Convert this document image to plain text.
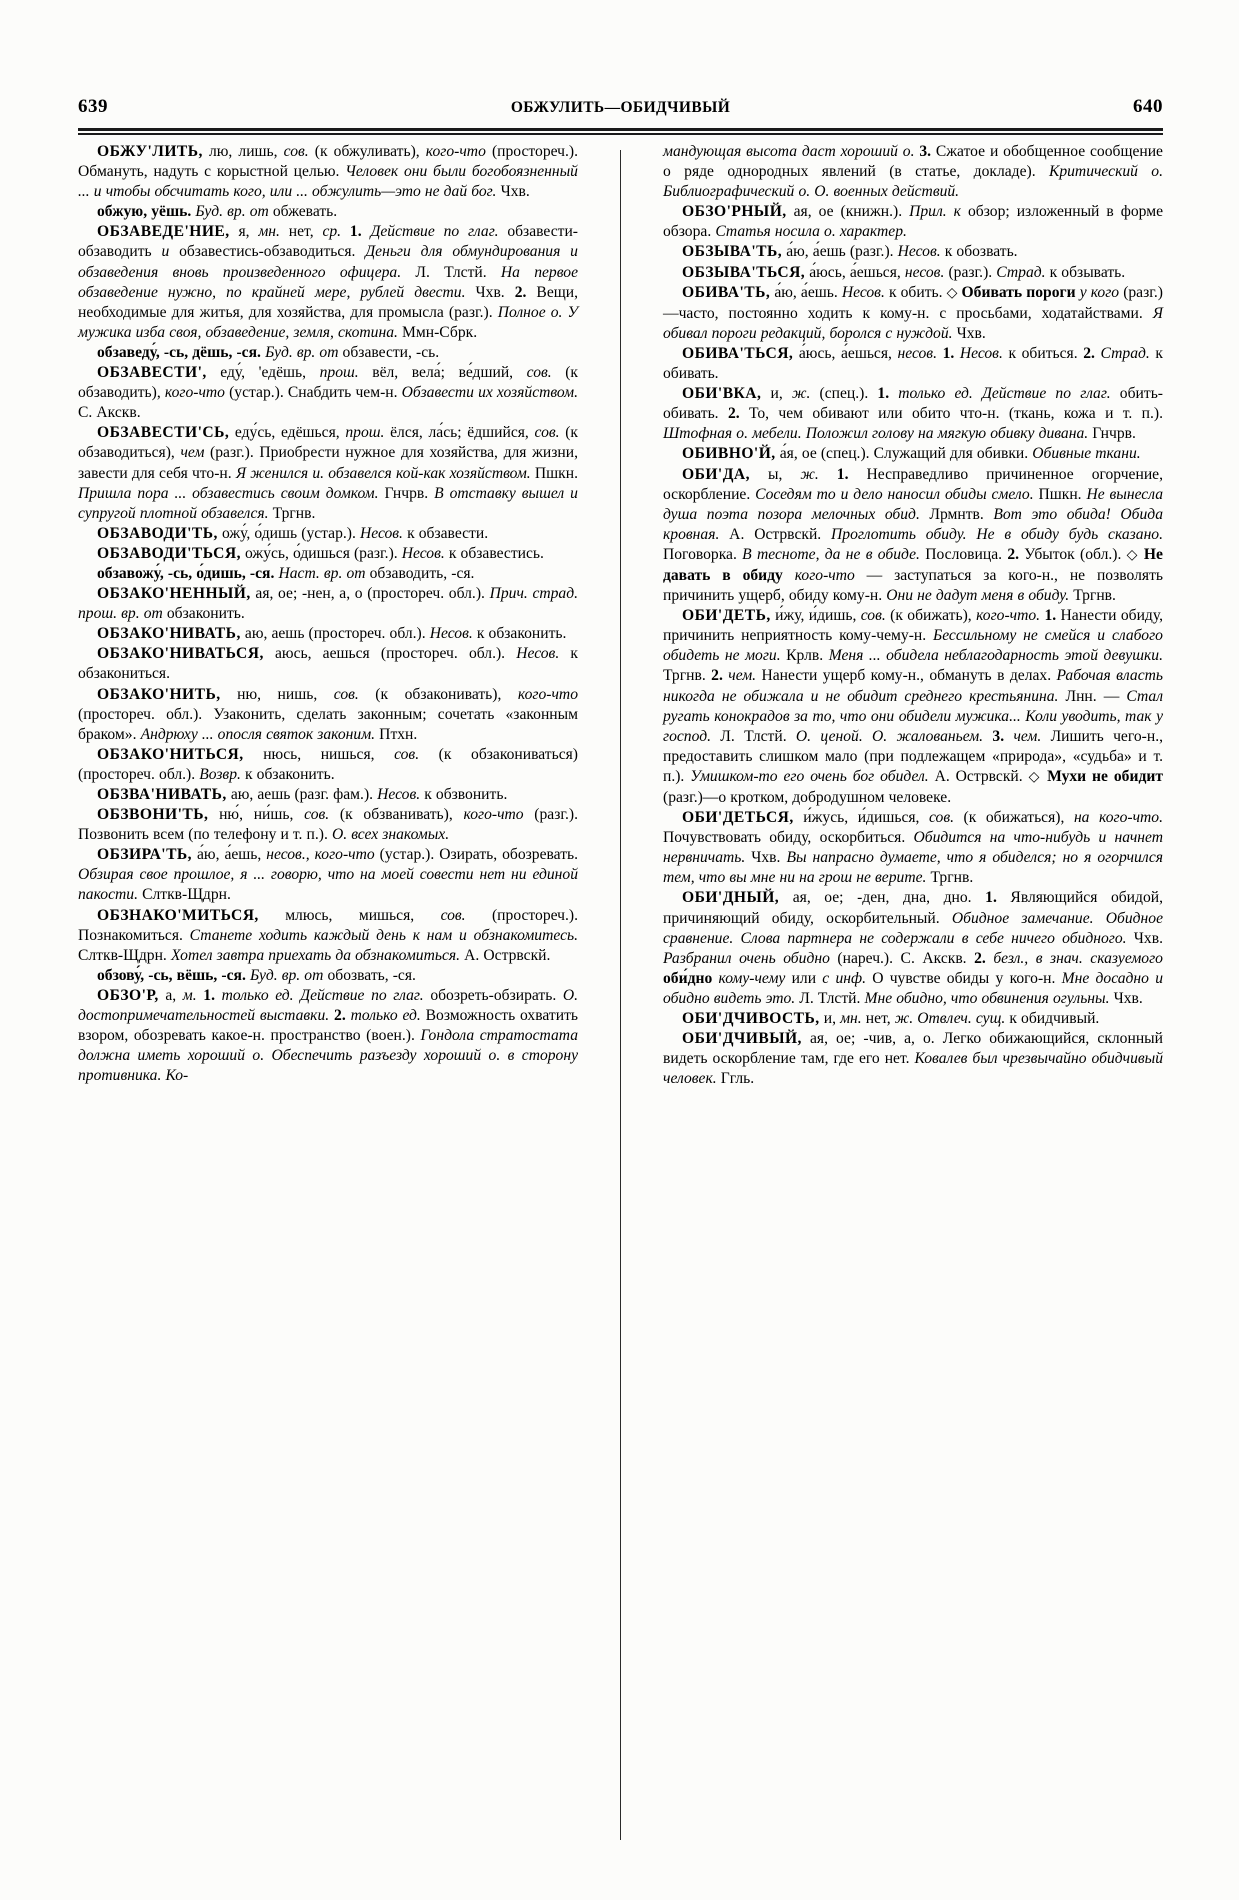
639	ОБЖУЛИТЬ—ОБИДЧИВЫЙ	640

ОБЖУ'ЛИТЬ, лю, лишь, сов. (к обжуливать), кого-что (простореч.). Обмануть, надуть с корыстной целью. Человек они были богобоязненный ... и чтобы обсчитать кого, или ... обжулить—это не дай бог. Чхв.

обжую, уёшь. Буд. вр. от обжевать.

ОБЗАВЕДЕ'НИЕ, я, мн. нет, ср. 1. Действие по глаг. обзавести-обзаводить и обзавестись-обзаводиться. Деньги для обмундирования и обзаведения вновь произведенного офицера. Л. Тлстй. На первое обзаведение нужно, по крайней мере, рублей двести. Чхв. 2. Вещи, необходимые для житья, для хозяйства, для промысла (разг.). Полное о. У мужика изба своя, обзаведение, земля, скотина. Ммн-Сбрк.

обзаведу́, -сь, дёшь, -ся. Буд. вр. от обзавести, -сь.

ОБЗАВЕСТИ', еду́, 'едёшь, прош. вёл, вела́; ве́дший, сов. (к обзаводить), кого-что (устар.). Снабдить чем-н. Обзавести их хозяйством. С. Акскв.

ОБЗАВЕСТИ'СЬ, еду́сь, едёшься, прош. ёлся, ла́сь; ёдшийся, сов. (к обзаводиться), чем (разг.). Приобрести нужное для хозяйства, для жизни, завести для себя что-н. Я женился и. обзавелся кой-как хозяйством. Пшкн. Пришла пора ... обзавестись своим домком. Гнчрв. В отставку вышел и супругой плотной обзавелся. Тргнв.

ОБЗАВОДИ'ТЬ, ожу́, о́дишь (устар.). Несов. к обзавести.

ОБЗАВОДИ'ТЬСЯ, ожу́сь, о́дишься (разг.). Несов. к обзавестись.

обзавожу́, -сь, о́дишь, -ся. Наст. вр. от обзаводить, -ся.

ОБЗАКО'НЕННЫЙ, ая, ое; -нен, а, о (простореч. обл.). Прич. страд. прош. вр. от обзаконить.

ОБЗАКО'НИВАТЬ, аю, аешь (простореч. обл.). Несов. к обзаконить.

ОБЗАКО'НИВАТЬСЯ, аюсь, аешься (простореч. обл.). Несов. к обзакониться.

ОБЗАКО'НИТЬ, ню, нишь, сов. (к обзаконивать), кого-что (простореч. обл.). Узаконить, сделать законным; сочетать «законным браком». Андрюху ... опосля святок законим. Птхн.

ОБЗАКО'НИТЬСЯ, нюсь, нишься, сов. (к обзакониваться) (простореч. обл.). Возвр. к обзаконить.

ОБЗВА'НИВАТЬ, аю, аешь (разг. фам.). Несов. к обзвонить.

ОБЗВОНИ'ТЬ, ню́, ни́шь, сов. (к обзванивать), кого-что (разг.). Позвонить всем (по телефону и т. п.). О. всех знакомых.

ОБЗИРА'ТЬ, а́ю, а́ешь, несов., кого-что (устар.). Озирать, обозревать. Обзирая свое прошлое, я ... говорю, что на моей совести нет ни единой пакости. Слткв-Щдрн.

ОБЗНАКО'МИТЬСЯ, млюсь, мишься, сов. (простореч.). Познакомиться. Станете ходить каждый день к нам и обзнакомитесь. Слткв-Щдрн. Хотел завтра приехать да обзнакомиться. А. Острвскй.

обзову́, -сь, вёшь, -ся. Буд. вр. от обозвать, -ся.

ОБЗО'Р, а, м. 1. только ед. Действие по глаг. обозреть-обзирать. О. достопримечательностей выставки. 2. только ед. Возможность охватить взором, обозревать какое-н. пространство (воен.). Гондола стратостата должна иметь хороший о. Обеспечить разъезду хороший о. в сторону противника. Ко-

мандующая высота даст хороший о. 3. Сжатое и обобщенное сообщение о ряде однородных явлений (в статье, докладе). Критический о. Библиографический о. О. военных действий.

ОБЗО'РНЫЙ, ая, ое (книжн.). Прил. к обзор; изложенный в форме обзора. Статья носила о. характер.

ОБЗЫВА'ТЬ, а́ю, а́ешь (разг.). Несов. к обозвать.

ОБЗЫВА'ТЬСЯ, а́юсь, а́ешься, несов. (разг.). Страд. к обзывать.

ОБИВА'ТЬ, а́ю, а́ешь. Несов. к обить. ◇ Обивать пороги у кого (разг.)—часто, постоянно ходить к кому-н. с просьбами, ходатайствами. Я обивал пороги редакций, боролся с нуждой. Чхв.

ОБИВА'ТЬСЯ, а́юсь, а́ешься, несов. 1. Несов. к обиться. 2. Страд. к обивать.

ОБИ'ВКА, и, ж. (спец.). 1. только ед. Действие по глаг. обить-обивать. 2. То, чем обивают или обито что-н. (ткань, кожа и т. п.). Штофная о. мебели. Положил голову на мягкую обивку дивана. Гнчрв.

ОБИВНО'Й, а́я, ое (спец.). Служащий для обивки. Обивные ткани.

ОБИ'ДА, ы, ж. 1. Несправедливо причиненное огорчение, оскорбление. Соседям то и дело наносил обиды смело. Пшкн. Не вынесла душа поэта позора мелочных обид. Лрмнтв. Вот это обида! Обида кровная. А. Острвскй. Проглотить обиду. Не в обиду будь сказано. Поговорка. В тесноте, да не в обиде. Пословица. 2. Убыток (обл.). ◇ Не давать в обиду кого-что — заступаться за кого-н., не позволять причинить ущерб, обиду кому-н. Они не дадут меня в обиду. Тргнв.

ОБИ'ДЕТЬ, и́жу, и́дишь, сов. (к обижать), кого-что. 1. Нанести обиду, причинить неприятность кому-чему-н. Бессильному не смейся и слабого обидеть не моги. Крлв. Меня ... обидела неблагодарность этой девушки. Тргнв. 2. чем. Нанести ущерб кому-н., обмануть в делах. Рабочая власть никогда не обижала и не обидит среднего крестьянина. Лнн. — Стал ругать конокрадов за то, что они обидели мужика... Коли уводить, так у господ. Л. Тлстй. О. ценой. О. жалованьем. 3. чем. Лишить чего-н., предоставить слишком мало (при подлежащем «природа», «судьба» и т. п.). Умишком-то его очень бог обидел. А. Острвскй. ◇ Мухи не обидит (разг.)—о кротком, добродушном человеке.

ОБИ'ДЕТЬСЯ, и́жусь, и́дишься, сов. (к обижаться), на кого-что. Почувствовать обиду, оскорбиться. Обидится на что-нибудь и начнет нервничать. Чхв. Вы напрасно думаете, что я обиделся; но я огорчился тем, что вы мне ни на грош не верите. Тргнв.

ОБИ'ДНЫЙ, ая, ое; -ден, дна, дно. 1. Являющийся обидой, причиняющий обиду, оскорбительный. Обидное замечание. Обидное сравнение. Слова партнера не содержали в себе ничего обидного. Чхв. Разбранил очень обидно (нареч.). С. Акскв. 2. безл., в знач. сказуемого оби́дно кому-чему или с инф. О чувстве обиды у кого-н. Мне досадно и обидно видеть это. Л. Тлстй. Мне обидно, что обвинения огульны. Чхв.

ОБИ'ДЧИВОСТЬ, и, мн. нет, ж. Отвлеч. сущ. к обидчивый.

ОБИ'ДЧИВЫЙ, ая, ое; -чив, а, о. Легко обижающийся, склонный видеть оскорбление там, где его нет. Ковалев был чрезвычайно обидчивый человек. Ггль.
